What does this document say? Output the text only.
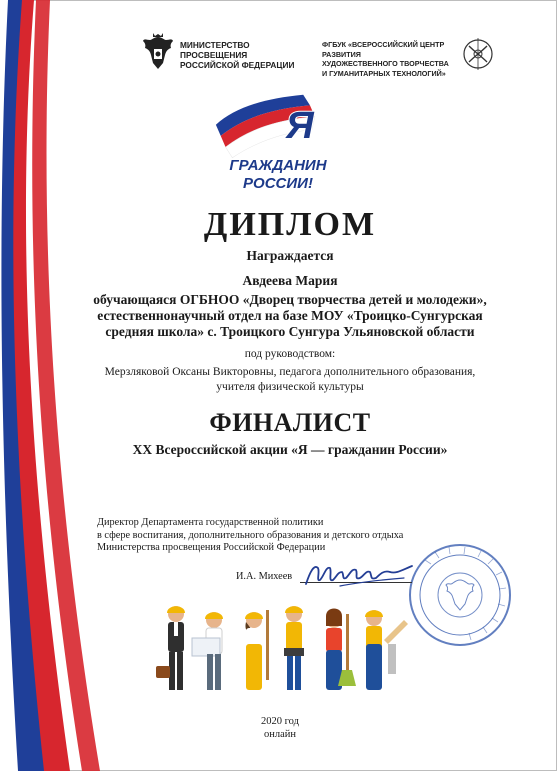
МИНИСТЕРСТВО ПРОСВЕЩЕНИЯ
РОССИЙСКОЙ ФЕДЕРАЦИИ
ФГБУК «ВСЕРОССИЙСКИЙ ЦЕНТР РАЗВИТИЯ
ХУДОЖЕСТВЕННОГО ТВОРЧЕСТВА
И ГУМАНИТАРНЫХ ТЕХНОЛОГИЙ»
Я
ГРАЖДАНИН
РОССИИ!
ДИПЛОМ
Награждается
Авдеева Мария
обучающаяся ОГБНОО «Дворец творчества детей и молодежи»,
естественнонаучный отдел на базе МОУ «Троицко-Сунгурская
средняя школа» с. Троицкого Сунгура Ульяновской области
под руководством:
Мерзляковой Оксаны Викторовны, педагога дополнительного образования,
учителя физической культуры
ФИНАЛИСТ
XX Всероссийской акции «Я — гражданин России»
Директор Департамента государственной политики
в сфере воспитания, дополнительного образования и детского отдыха
Министерства просвещения Российской Федерации
И.А. Михеев
2020 год
онлайн
